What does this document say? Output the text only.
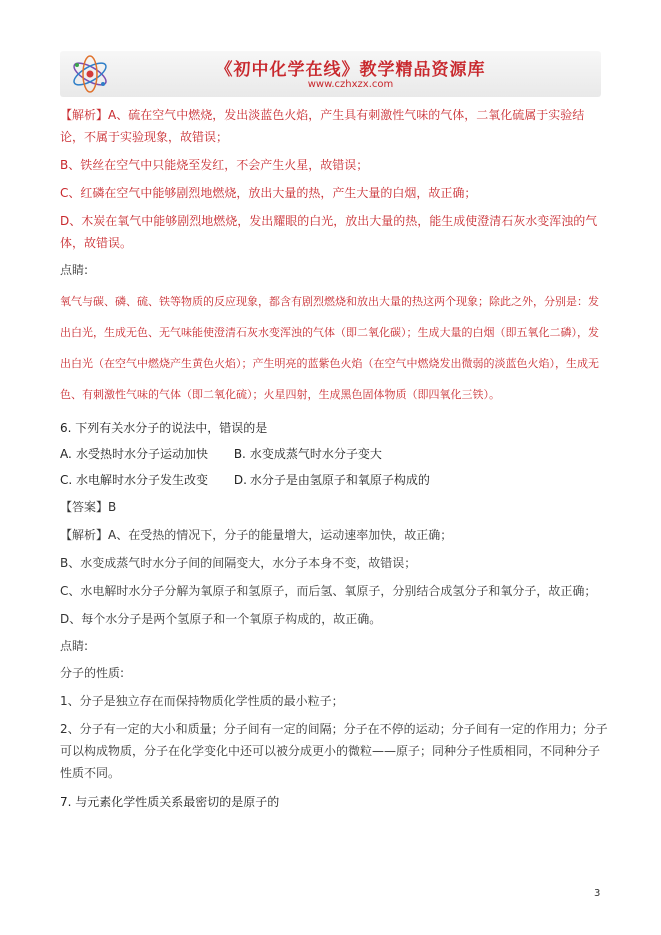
《初中化学在线》教学精品资源库
www.czhxzx.com

【解析】A、硫在空气中燃烧，发出淡蓝色火焰，产生具有刺激性气味的气体，二氧化硫属于实验结论，不属于实验现象，故错误；

B、铁丝在空气中只能烧至发红，不会产生火星，故错误；

C、红磷在空气中能够剧烈地燃烧，放出大量的热，产生大量的白烟，故正确；

D、木炭在氧气中能够剧烈地燃烧，发出耀眼的白光，放出大量的热，能生成使澄清石灰水变浑浊的气体，故错误。

点睛:
氧气与碳、磷、硫、铁等物质的反应现象，都含有剧烈燃烧和放出大量的热这两个现象；除此之外，分别是：发出白光，生成无色、无气味能使澄清石灰水变浑浊的气体（即二氧化碳）；生成大量的白烟（即五氧化二磷），发出白光（在空气中燃烧产生黄色火焰）；产生明亮的蓝紫色火焰（在空气中燃烧发出微弱的淡蓝色火焰），生成无色、有刺激性气味的气体（即二氧化硫）；火星四射，生成黑色固体物质（即四氧化三铁）。
6. 下列有关水分子的说法中，错误的是
A. 水受热时水分子运动加快 B. 水变成蒸气时水分子变大
C. 水电解时水分子发生改变 D. 水分子是由氢原子和氧原子构成的

【答案】B

【解析】A、在受热的情况下，分子的能量增大，运动速率加快，故正确；

B、水变成蒸气时水分子间的间隔变大，水分子本身不变，故错误；

C、水电解时水分子分解为氧原子和氢原子，而后氢、氧原子，分别结合成氢分子和氧分子，故正确；

D、每个水分子是两个氢原子和一个氧原子构成的，故正确。

点睛:

分子的性质:

1、分子是独立存在而保持物质化学性质的最小粒子；

2、分子有一定的大小和质量；分子间有一定的间隔；分子在不停的运动；分子间有一定的作用力；分子可以构成物质，分子在化学变化中还可以被分成更小的微粒——原子；同种分子性质相同，不同种分子性质不同。

7. 与元素化学性质关系最密切的是原子的
3
